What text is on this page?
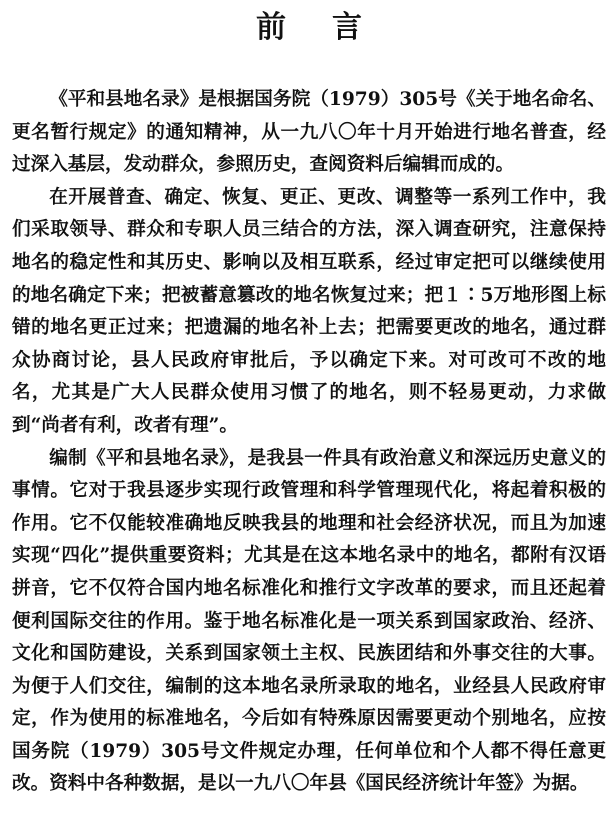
前言

《平和县地名录》是根据国务院（1979）305号《关于地名命名、更名暂行规定》的通知精神，从一九八〇年十月开始进行地名普查，经过深入基层，发动群众，参照历史，查阅资料后编辑而成的。

在开展普查、确定、恢复、更正、更改、调整等一系列工作中，我们采取领导、群众和专职人员三结合的方法，深入调查研究，注意保持地名的稳定性和其历史、影响以及相互联系，经过审定把可以继续使用的地名确定下来；把被蓄意篡改的地名恢复过来；把１∶5万地形图上标错的地名更正过来；把遗漏的地名补上去；把需要更改的地名，通过群众协商讨论，县人民政府审批后，予以确定下来。对可改可不改的地名，尤其是广大人民群众使用习惯了的地名，则不轻易更动，力求做到“尚者有利，改者有理”。

编制《平和县地名录》，是我县一件具有政治意义和深远历史意义的事情。它对于我县逐步实现行政管理和科学管理现代化，将起着积极的作用。它不仅能较准确地反映我县的地理和社会经济状况，而且为加速实现“四化”提供重要资料；尤其是在这本地名录中的地名，都附有汉语拼音，它不仅符合国内地名标准化和推行文字改革的要求，而且还起着便利国际交往的作用。鉴于地名标准化是一项关系到国家政治、经济、文化和国防建设，关系到国家领土主权、民族团结和外事交往的大事。为便于人们交往，编制的这本地名录所录取的地名，业经县人民政府审定，作为使用的标准地名，今后如有特殊原因需要更动个别地名，应按国务院（1979）305号文件规定办理，任何单位和个人都不得任意更改。资料中各种数据，是以一九八〇年县《国民经济统计年签》为据。
